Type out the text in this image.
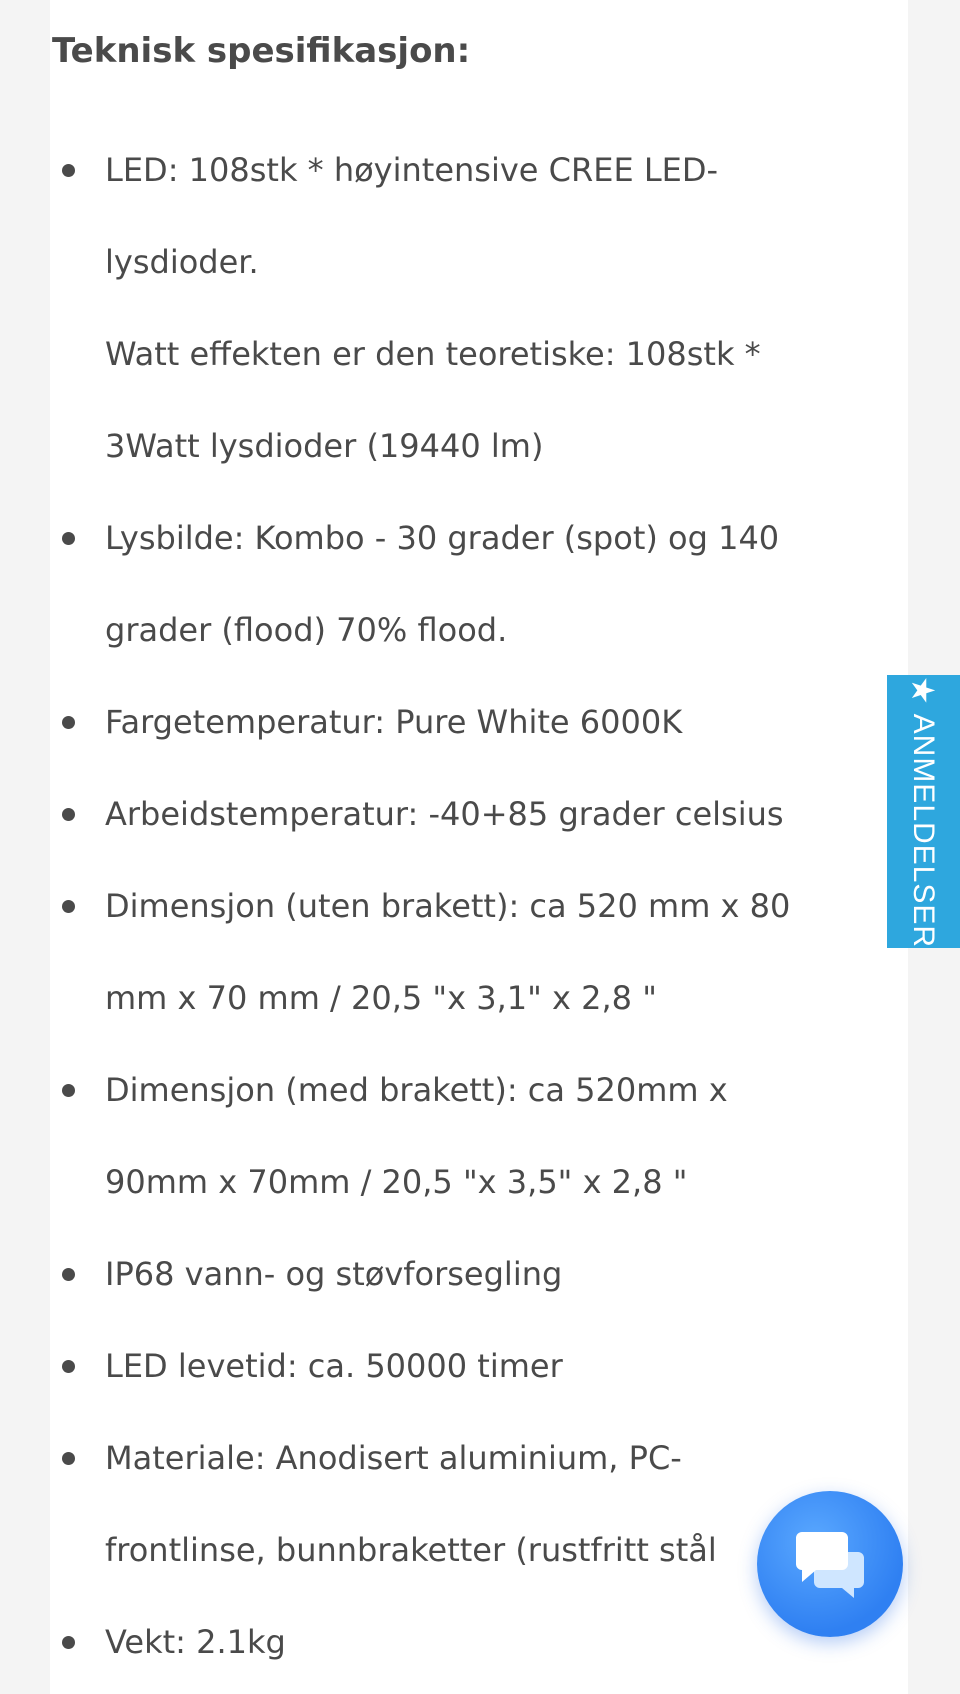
Teknisk spesifikasjon:
LED: 108stk * høyintensive CREE LED-
lysdioder.
Watt effekten er den teoretiske: 108stk *
3Watt lysdioder (19440 lm)
Lysbilde: Kombo - 30 grader (spot) og 140
grader (flood) 70% flood.
Fargetemperatur: Pure White 6000K
Arbeidstemperatur: -40+85 grader celsius
Dimensjon (uten brakett): ca 520 mm x 80
mm x 70 mm / 20,5 "x 3,1" x 2,8 "
Dimensjon (med brakett): ca 520mm x
90mm x 70mm / 20,5 "x 3,5" x 2,8 "
IP68 vann- og støvforsegling
LED levetid: ca. 50000 timer
Materiale: Anodisert aluminium, PC-
frontlinse, bunnbraketter (rustfritt stål
Vekt: 2.1kg
★
ANMELDELSER
